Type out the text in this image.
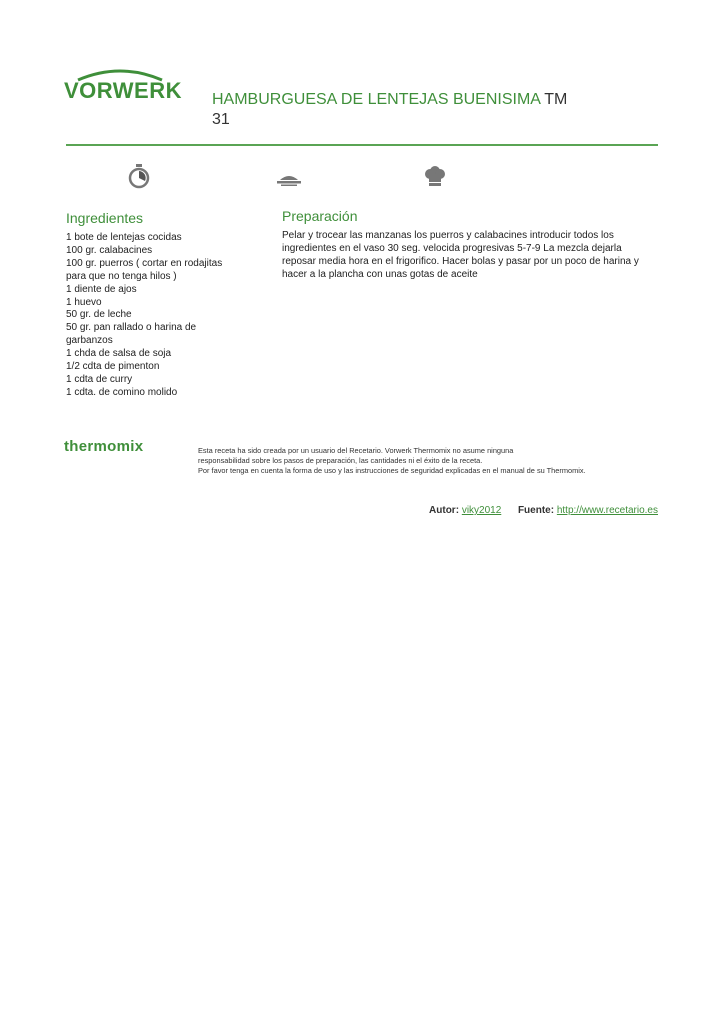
VORWERK HAMBURGUESA DE LENTEJAS BUENISIMA TM
31
Ingredientes
1 bote de lentejas cocidas
100 gr. calabacines
100 gr. puerros ( cortar en rodajitas
para que no tenga hilos )
1 diente de ajos
1 huevo
50 gr. de leche
50 gr. pan rallado o harina de
garbanzos
1 chda de salsa de soja
1/2 cdta de pimenton
1 cdta de curry
1 cdta. de comino molido
Preparación

Pelar y trocear las manzanas los puerros y calabacines introducir todos los ingredientes en el vaso 30 seg. velocida progresivas 5-7-9 La mezcla dejarla reposar media hora en el frigorifico. Hacer bolas y pasar por un poco de harina y hacer a la plancha con unas gotas de aceite

thermomix	Esta receta ha sido creada por un usuario del Recetario. Vorwerk Thermomix no asume ninguna

responsabilidad sobre los pasos de preparación, las cantidades ni el éxito de la receta.

Por favor tenga en cuenta la forma de uso y las instrucciones de seguridad explicadas en el manual de su Thermomix.

Autor: viky2012 Fuente: http://www.recetario.es
